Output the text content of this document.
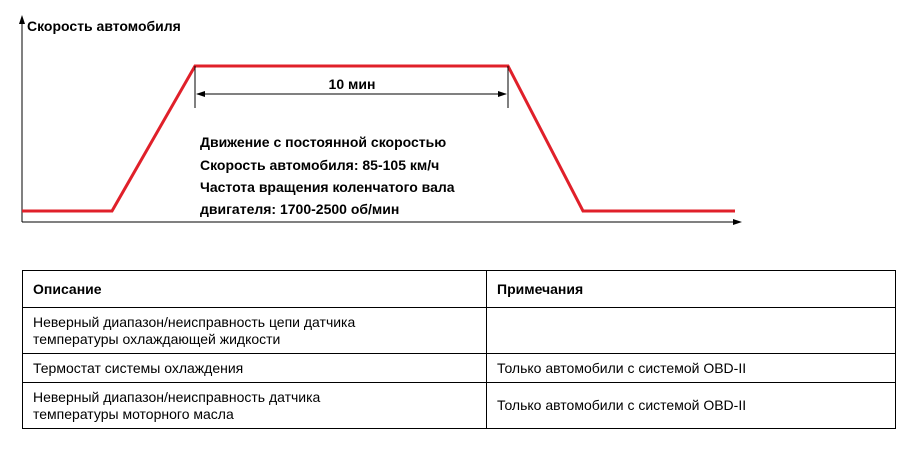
Скорость автомобиля
10 мин
Движение с постоянной скоростью
Скорость автомобиля: 85-105 км/ч
Частота вращения коленчатого вала
двигателя: 1700-2500 об/мин
Описание	Примечания

Неверный диапазон/неисправность цепи датчика
температуры охлаждающей жидкости	

Термостат системы охлаждения	Только автомобили с системой OBD-II

Неверный диапазон/неисправность датчика
температуры моторного масла	Только автомобили с системой OBD-II
